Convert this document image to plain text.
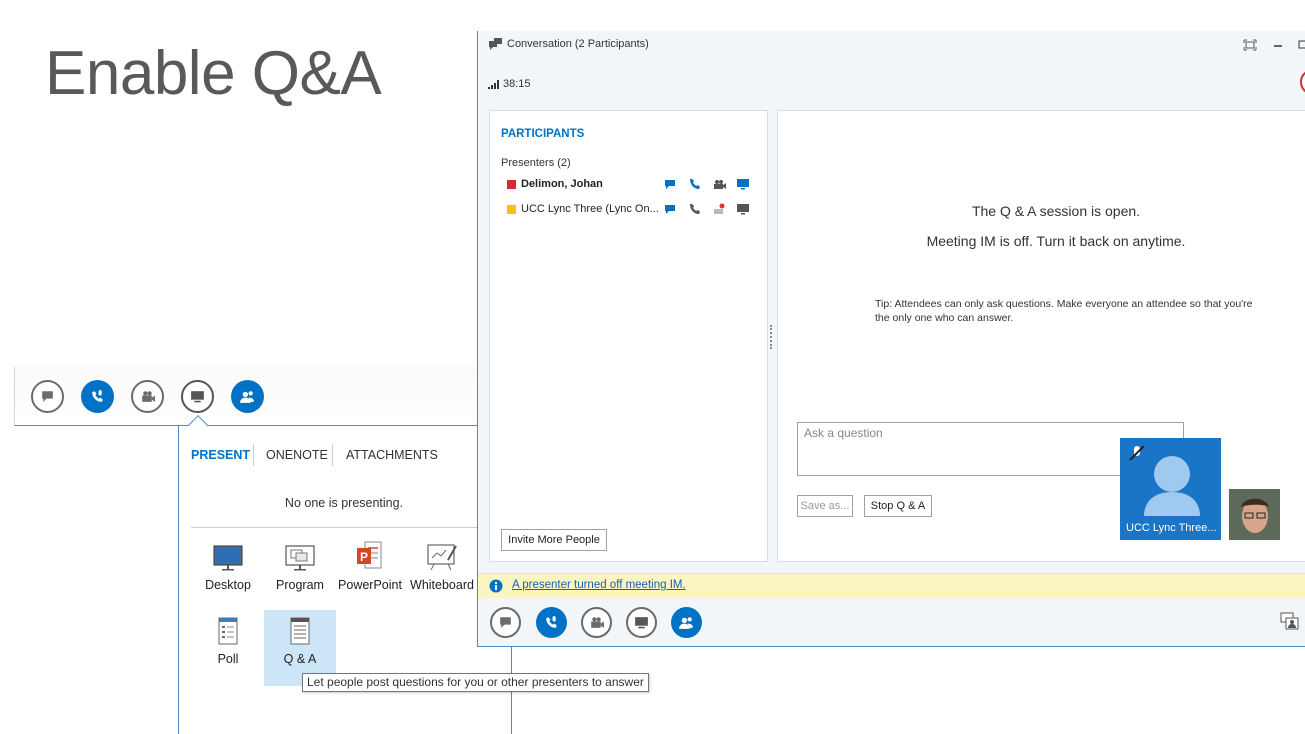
Enable Q&A
PRESENT ONENOTE ATTACHMENTS
No one is presenting.
Desktop	Program
P
PowerPoint Whiteboard
Poll	Q & A
Let people post questions for you or other presenters to answer
Conversation (2 Participants)
38:15
PARTICIPANTS
Presenters (2)
Delimon, Johan
UCC Lync Three (Lync On...
Invite More People
The Q & A session is open.
Meeting IM is off. Turn it back on anytime.
Tip: Attendees can only ask questions. Make everyone an attendee so that you're the only one who can answer.
Ask a question
Save as...	Stop Q & A
UCC Lync Three...
A presenter turned off meeting IM.
